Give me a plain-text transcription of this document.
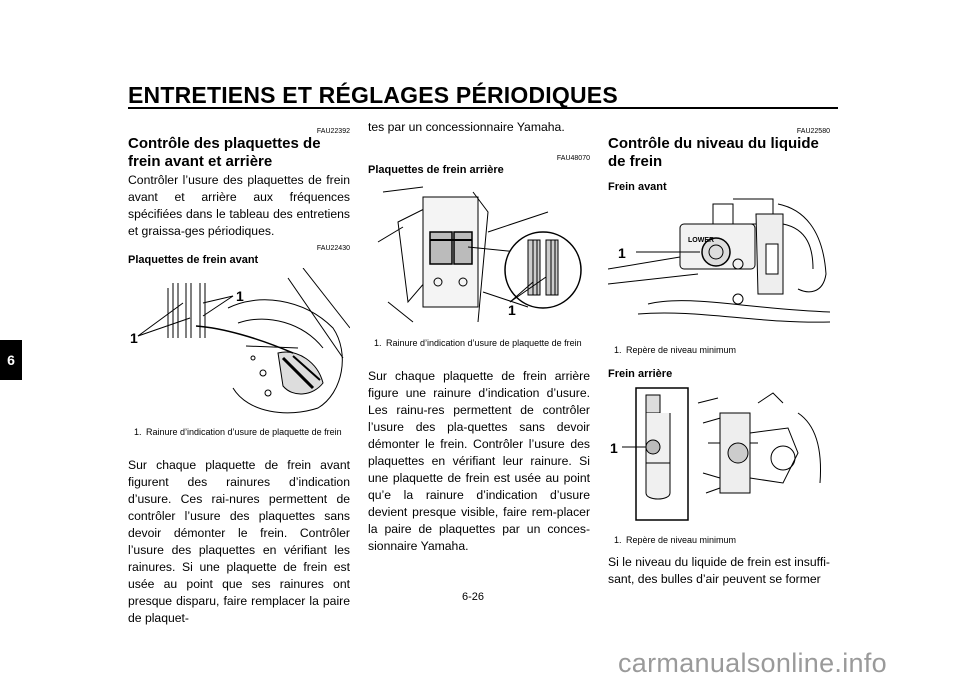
ENTRETIENS ET RÉGLAGES PÉRIODIQUES
6
FAU22392
Contrôle des plaquettes de frein avant et arrière
Contrôler l’usure des plaquettes de frein avant et arrière aux fréquences spécifiées dans le tableau des entretiens et graissa-ges périodiques.
FAU22430
Plaquettes de frein avant
1
1
1. Rainure d’indication d’usure de plaquette de frein
Sur chaque plaquette de frein avant figurent des rainures d’indication d’usure. Ces rai-nures permettent de contrôler l’usure des plaquettes sans devoir démonter le frein. Contrôler l’usure des plaquettes en vérifiant les rainures. Si une plaquette de frein est usée au point que ses rainures ont presque disparu, faire remplacer la paire de plaquet-
tes par un concessionnaire Yamaha.
FAU48070
Plaquettes de frein arrière
1
1. Rainure d’indication d’usure de plaquette de frein
Sur chaque plaquette de frein arrière figure une rainure d’indication d’usure. Les rainu-res permettent de contrôler l’usure des pla-quettes sans devoir démonter le frein. Contrôler l’usure des plaquettes en vérifiant leur rainure. Si une plaquette de frein est usée au point qu’e la rainure d’indication d’usure devient presque visible, faire rem-placer la paire de plaquettes par un conces-sionnaire Yamaha.
FAU22580
Contrôle du niveau du liquide de frein
Frein avant
LOWER
1
1. Repère de niveau minimum
Frein arrière
1
1. Repère de niveau minimum
Si le niveau du liquide de frein est insuffi-sant, des bulles d’air peuvent se former
6-26
carmanualsonline.info
